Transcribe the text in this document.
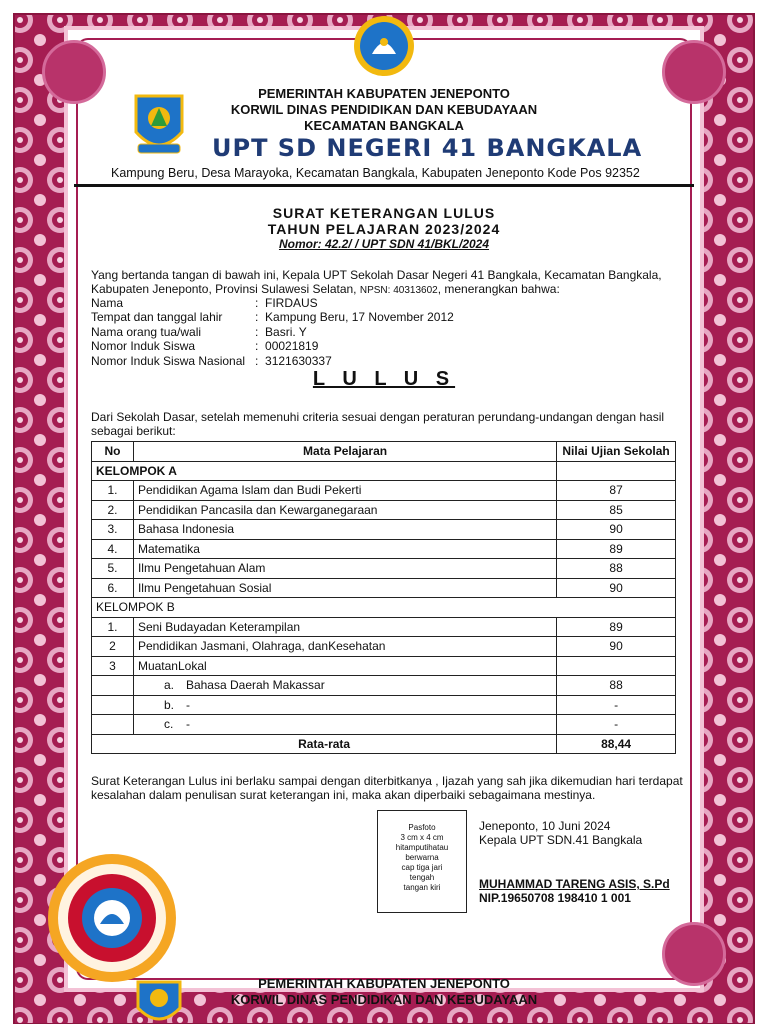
PEMERINTAH KABUPATEN JENEPONTO
KORWIL DINAS PENDIDIKAN DAN KEBUDAYAAN
KECAMATAN BANGKALA
UPT SD NEGERI 41 BANGKALA
Kampung Beru, Desa Marayoka, Kecamatan Bangkala, Kabupaten Jeneponto Kode Pos 92352
SURAT KETERANGAN LULUS
TAHUN PELAJARAN 2023/2024
Nomor: 42.2/ / UPT SDN 41/BKL/2024
Yang bertanda tangan di bawah ini, Kepala UPT Sekolah Dasar Negeri 41 Bangkala, Kecamatan Bangkala,
Kabupaten Jeneponto, Provinsi Sulawesi Selatan, NPSN: 40313602, menerangkan bahwa:
Nama	:  FIRDAUS
Tempat dan tanggal lahir	:  Kampung Beru, 17 November 2012
Nama orang tua/wali	:  Basri. Y
Nomor Induk Siswa	:  00021819
Nomor Induk Siswa Nasional :  3121630337
L U L U S
Dari Sekolah Dasar, setelah memenuhi criteria sesuai dengan peraturan perundang-undangan dengan hasil
sebagai berikut:
No	Mata Pelajaran	Nilai Ujian Sekolah
KELOMPOK A		
1.	Pendidikan Agama Islam dan Budi Pekerti	87
2.	Pendidikan Pancasila dan Kewarganegaraan	85
3.	Bahasa Indonesia	90
4.	Matematika	89
5.	Ilmu Pengetahuan Alam	88
6.	Ilmu Pengetahuan Sosial	90
KELOMPOK B		
1.	Seni Budayadan Keterampilan	89
2	Pendidikan Jasmani, Olahraga, danKesehatan	90
3	MuatanLokal	
	a. Bahasa Daerah Makassar	88
	b. -	-
	c. -	-
Rata-rata		88,44
Surat Keterangan Lulus ini berlaku sampai dengan diterbitkanya , Ijazah yang sah jika dikemudian hari terdapat
kesalahan dalam penulisan surat keterangan ini, maka akan diperbaiki sebagaimana mestinya.
Pasfoto
3 cm x 4 cm
hitamputihatau
berwarna
cap tiga jari
tengah
tangan kiri
Jeneponto, 10 Juni 2024
Kepala UPT SDN.41 Bangkala
MUHAMMAD TARENG ASIS, S.Pd
NIP.19650708 198410 1 001
PEMERINTAH KABUPATEN JENEPONTO
KORWIL DINAS PENDIDIKAN DAN KEBUDAYAAN
